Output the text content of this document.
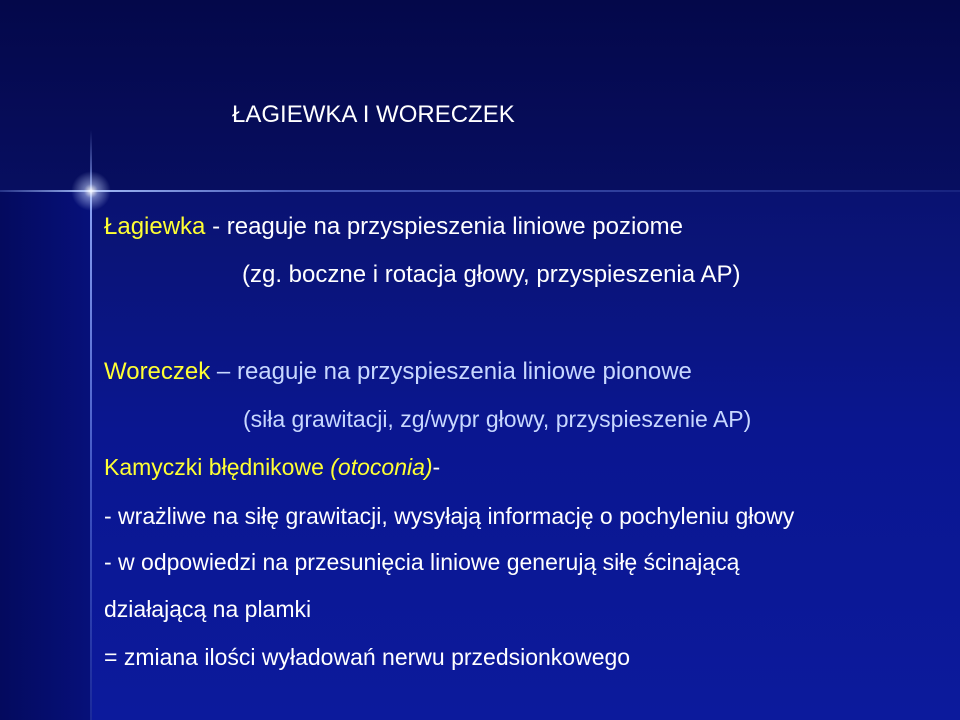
ŁAGIEWKA I WORECZEK

Łagiewka - reaguje na przyspieszenia liniowe poziome

(zg. boczne i rotacja głowy, przyspieszenia AP)

Woreczek – reaguje na przyspieszenia liniowe pionowe

(siła grawitacji, zg/wypr głowy, przyspieszenie AP)

Kamyczki błędnikowe (otoconia)-

- wrażliwe na siłę grawitacji, wysyłają informację o pochyleniu głowy

- w odpowiedzi na przesunięcia liniowe generują siłę ścinającą

działającą na plamki

= zmiana ilości wyładowań nerwu przedsionkowego
